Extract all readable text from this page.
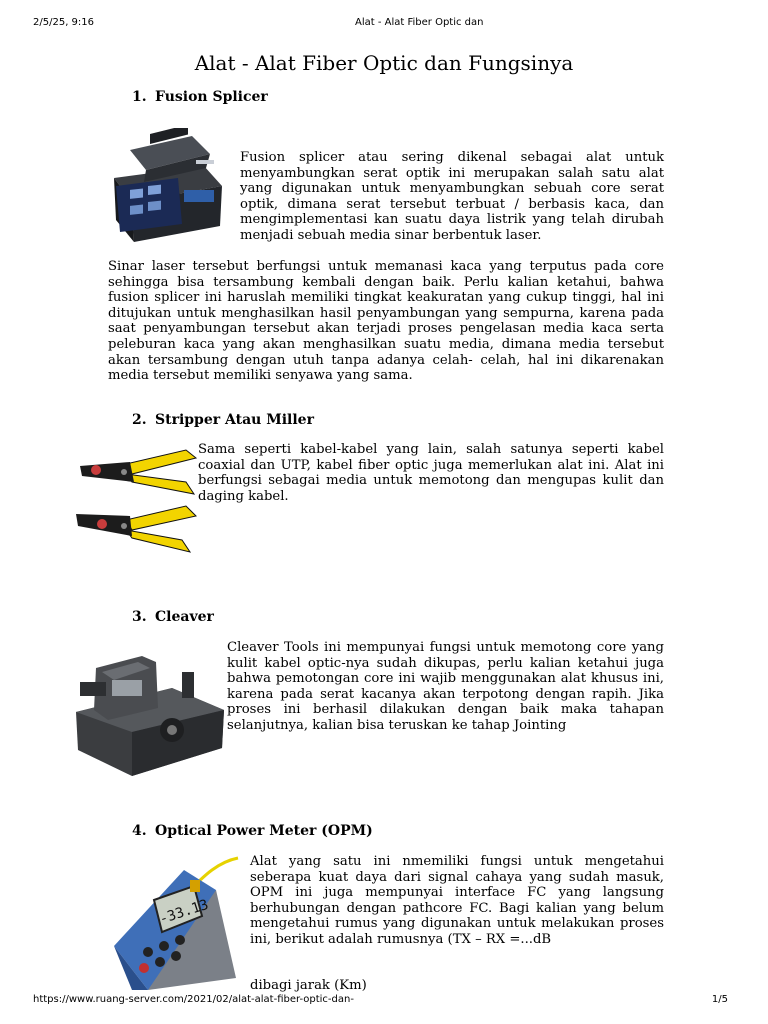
2/5/25, 9:16	Alat - Alat Fiber Optic dan
Alat - Alat Fiber Optic dan Fungsinya
1. Fusion Splicer

Fusion splicer atau sering dikenal sebagai alat untuk menyambungkan serat optik ini merupakan salah satu alat yang digunakan untuk menyambungkan sebuah core serat optik, dimana serat tersebut terbuat / berbasis kaca, dan mengimplementasi kan suatu daya listrik yang telah dirubah menjadi sebuah media sinar berbentuk laser.

Sinar laser tersebut berfungsi untuk memanasi kaca yang terputus pada core sehingga bisa tersambung kembali dengan baik. Perlu kalian ketahui, bahwa fusion splicer ini haruslah memiliki tingkat keakuratan yang cukup tinggi, hal ini ditujukan untuk menghasilkan hasil penyambungan yang sempurna, karena pada saat penyambungan tersebut akan terjadi proses pengelasan media kaca serta peleburan kaca yang akan menghasilkan suatu media, dimana media tersebut akan tersambung dengan utuh tanpa adanya celah- celah, hal ini dikarenakan media tersebut memiliki senyawa yang sama.

2. Stripper Atau Miller

Sama seperti kabel-kabel yang lain, salah satunya seperti kabel coaxial dan UTP, kabel fiber optic juga memerlukan alat ini. Alat ini berfungsi sebagai media untuk memotong dan mengupas kulit dan daging kabel.

3. Cleaver

Cleaver Tools ini mempunyai fungsi untuk memotong core yang kulit kabel optic-nya sudah dikupas, perlu kalian ketahui juga bahwa pemotongan core ini wajib menggunakan alat khusus ini, karena pada serat kacanya akan terpotong dengan rapih. Jika proses ini berhasil dilakukan dengan baik maka tahapan selanjutnya, kalian bisa teruskan ke tahap Jointing

4. Optical Power Meter (OPM)
-33.13

Alat yang satu ini nmemiliki fungsi untuk mengetahui seberapa kuat daya dari signal cahaya yang sudah masuk, OPM ini juga mempunyai interface FC yang langsung berhubungan dengan pathcore FC. Bagi kalian yang belum mengetahui rumus yang digunakan untuk melakukan proses ini, berikut adalah rumusnya (TX – RX =...dB

dibagi jarak (Km)

https://www.ruang-server.com/2021/02/alat-alat-fiber-optic-dan-	1/5
